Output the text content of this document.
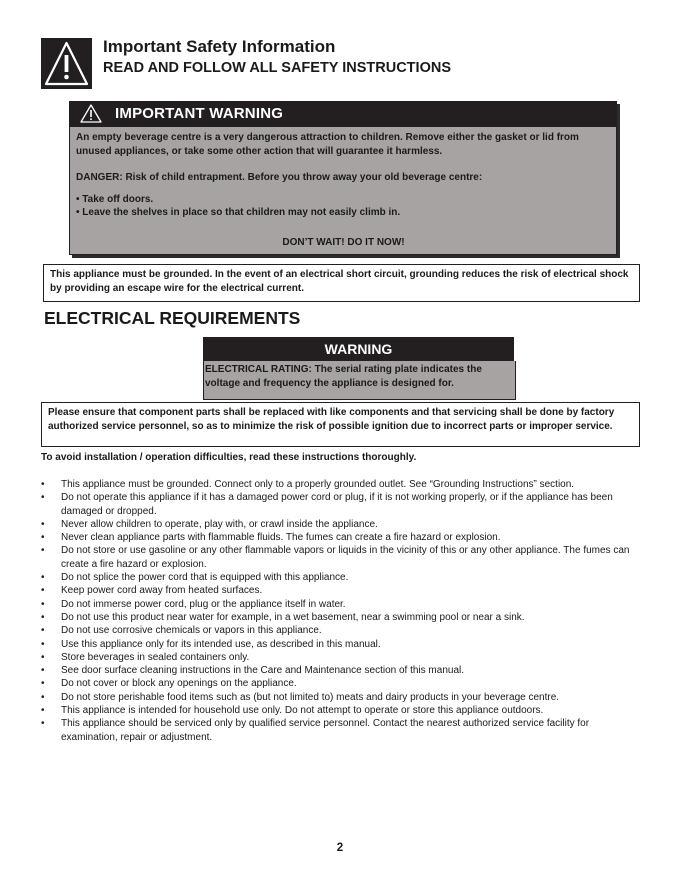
Important Safety Information
READ AND FOLLOW ALL SAFETY INSTRUCTIONS
IMPORTANT WARNING

An empty beverage centre is a very dangerous attraction to children. Remove either the gasket or lid from unused appliances, or take some other action that will guarantee it harmless.

DANGER: Risk of child entrapment. Before you throw away your old beverage centre:

• Take off doors.

• Leave the shelves in place so that children may not easily climb in.

DON’T WAIT! DO IT NOW!

This appliance must be grounded. In the event of an electrical short circuit, grounding reduces the risk of electrical shock by providing an escape wire for the electrical current.
ELECTRICAL REQUIREMENTS
WARNING
ELECTRICAL RATING: The serial rating plate indicates the voltage and frequency the appliance is designed for.
Please ensure that component parts shall be replaced with like components and that servicing shall be done by factory authorized service personnel, so as to minimize the risk of possible ignition due to incorrect parts or improper service.
To avoid installation / operation difficulties, read these instructions thoroughly.
• This appliance must be grounded. Connect only to a properly grounded outlet. See “Grounding Instructions” section.
• Do not operate this appliance if it has a damaged power cord or plug, if it is not working properly, or if the appliance has been damaged or dropped.
• Never allow children to operate, play with, or crawl inside the appliance.
• Never clean appliance parts with flammable fluids. The fumes can create a fire hazard or explosion.
• Do not store or use gasoline or any other flammable vapors or liquids in the vicinity of this or any other appliance. The fumes can create a fire hazard or explosion.
• Do not splice the power cord that is equipped with this appliance.
• Keep power cord away from heated surfaces.
• Do not immerse power cord, plug or the appliance itself in water.
• Do not use this product near water for example, in a wet basement, near a swimming pool or near a sink.
• Do not use corrosive chemicals or vapors in this appliance.
• Use this appliance only for its intended use, as described in this manual.
• Store beverages in sealed containers only.
• See door surface cleaning instructions in the Care and Maintenance section of this manual.
• Do not cover or block any openings on the appliance.
• Do not store perishable food items such as (but not limited to) meats and dairy products in your beverage centre.
• This appliance is intended for household use only. Do not attempt to operate or store this appliance outdoors.
• This appliance should be serviced only by qualified service personnel. Contact the nearest authorized service facility for examination, repair or adjustment.
2
